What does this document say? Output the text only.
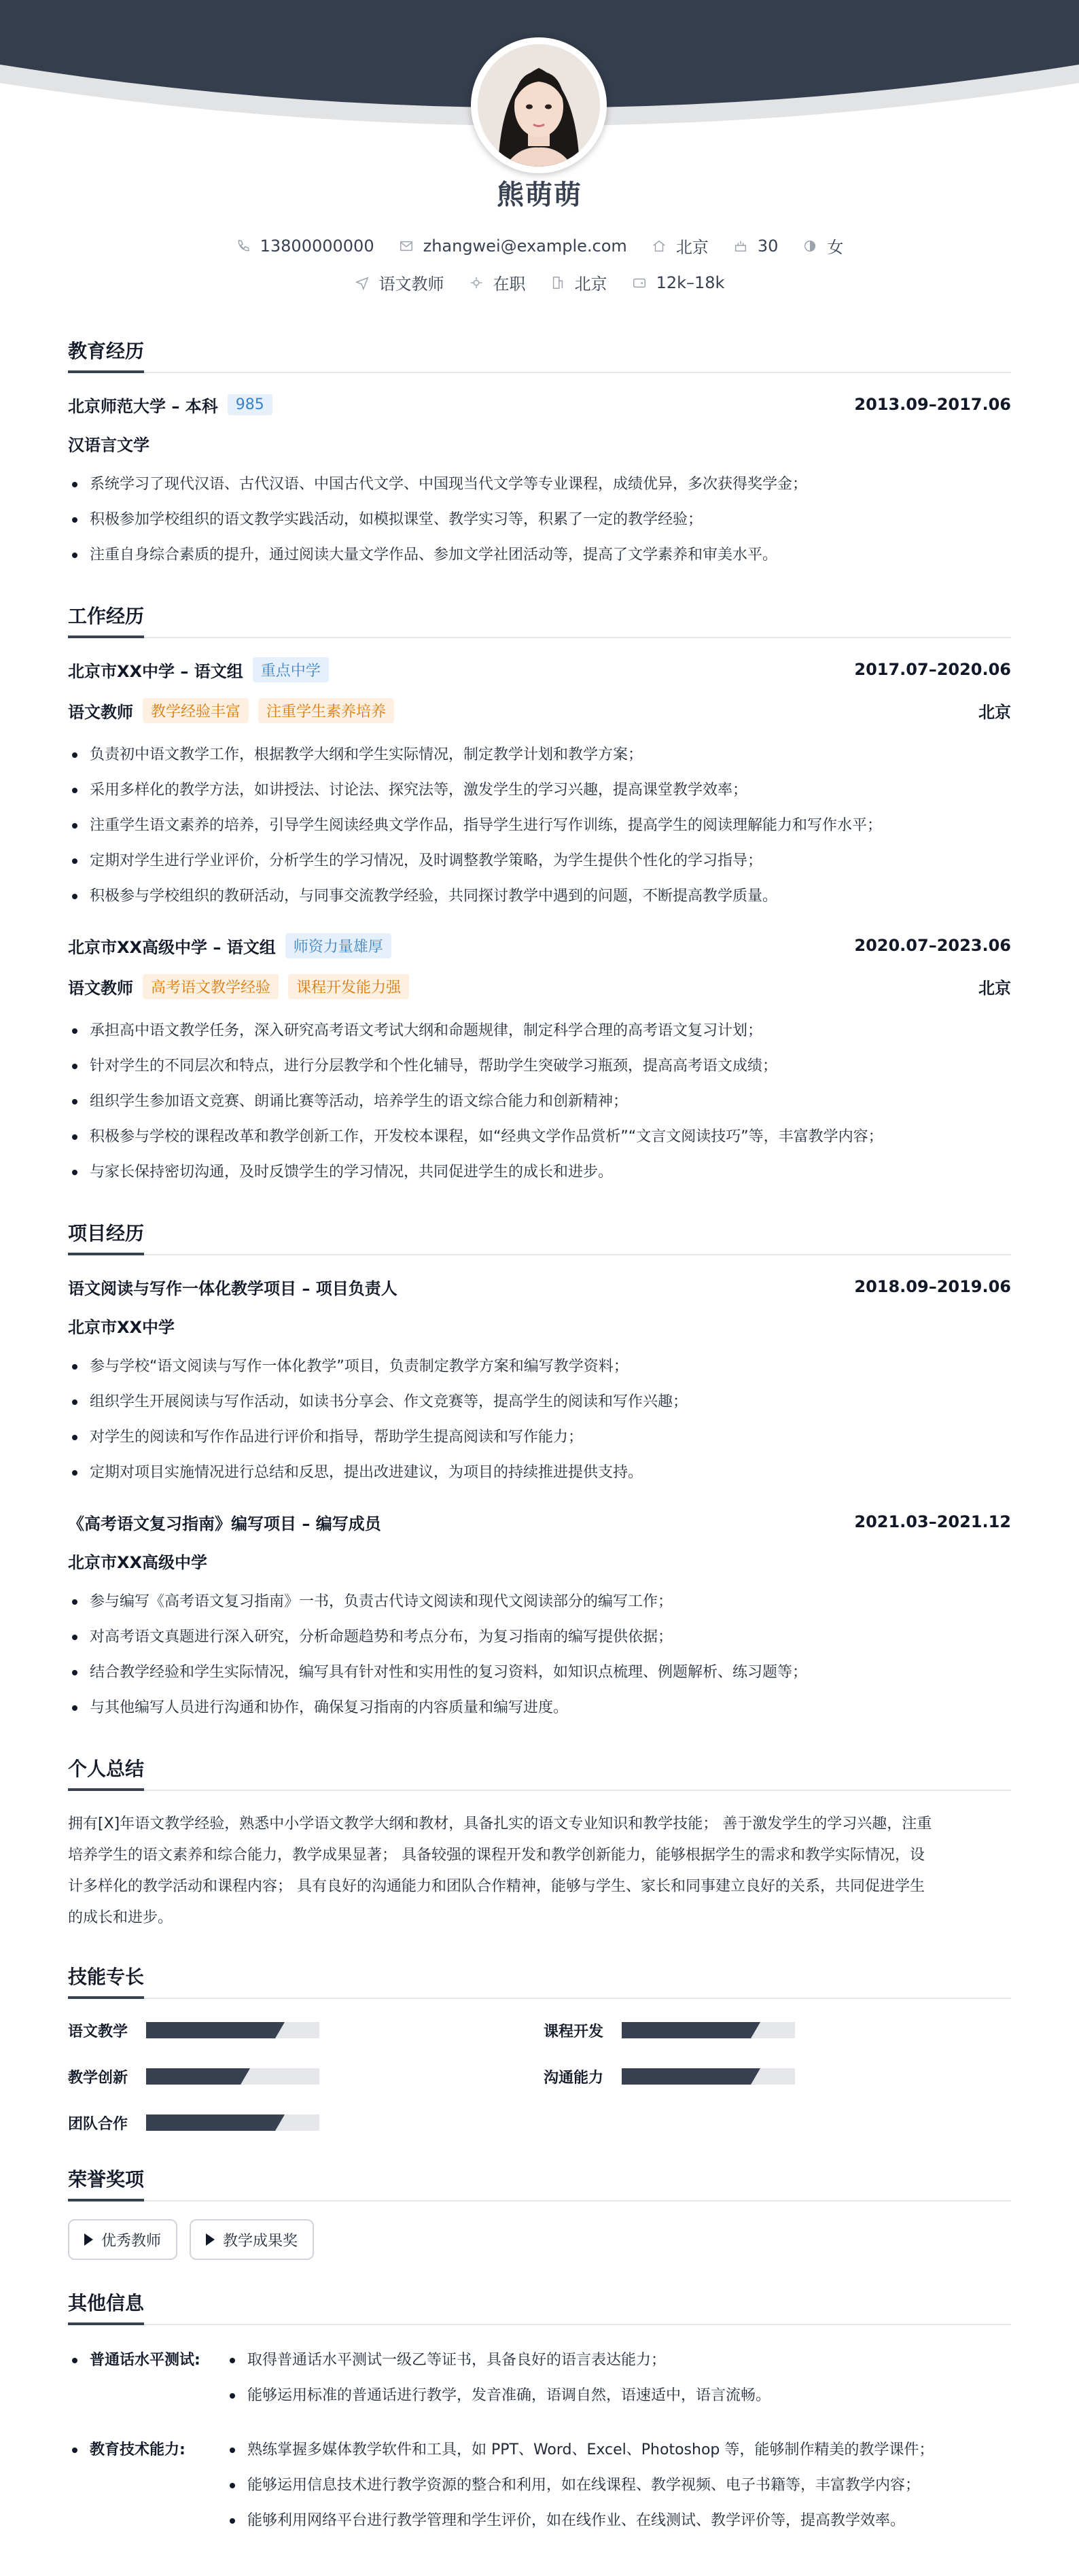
熊萌萌
13800000000	zhangwei@example.com	北京	30	女
语文教师	在职	北京	12k–18k
教育经历
北京师范大学 – 本科	985	2013.09–2017.06
汉语言文学
系统学习了现代汉语、古代汉语、中国古代文学、中国现当代文学等专业课程，成绩优异，多次获得奖学金；
积极参加学校组织的语文教学实践活动，如模拟课堂、教学实习等，积累了一定的教学经验；
注重自身综合素质的提升，通过阅读大量文学作品、参加文学社团活动等，提高了文学素养和审美水平。
工作经历
北京市XX中学 – 语文组	重点中学	2017.07–2020.06
语文教师	教学经验丰富	注重学生素养培养	北京
负责初中语文教学工作，根据教学大纲和学生实际情况，制定教学计划和教学方案；
采用多样化的教学方法，如讲授法、讨论法、探究法等，激发学生的学习兴趣，提高课堂教学效率；
注重学生语文素养的培养，引导学生阅读经典文学作品，指导学生进行写作训练，提高学生的阅读理解能力和写作水平；
定期对学生进行学业评价，分析学生的学习情况，及时调整教学策略，为学生提供个性化的学习指导；
积极参与学校组织的教研活动，与同事交流教学经验，共同探讨教学中遇到的问题，不断提高教学质量。
北京市XX高级中学 – 语文组	师资力量雄厚	2020.07–2023.06
语文教师	高考语文教学经验	课程开发能力强	北京
承担高中语文教学任务，深入研究高考语文考试大纲和命题规律，制定科学合理的高考语文复习计划；
针对学生的不同层次和特点，进行分层教学和个性化辅导，帮助学生突破学习瓶颈，提高高考语文成绩；
组织学生参加语文竞赛、朗诵比赛等活动，培养学生的语文综合能力和创新精神；
积极参与学校的课程改革和教学创新工作，开发校本课程，如“经典文学作品赏析”“文言文阅读技巧”等，丰富教学内容；
与家长保持密切沟通，及时反馈学生的学习情况，共同促进学生的成长和进步。
项目经历
语文阅读与写作一体化教学项目 – 项目负责人	2018.09–2019.06
北京市XX中学
参与学校“语文阅读与写作一体化教学”项目，负责制定教学方案和编写教学资料；
组织学生开展阅读与写作活动，如读书分享会、作文竞赛等，提高学生的阅读和写作兴趣；
对学生的阅读和写作作品进行评价和指导，帮助学生提高阅读和写作能力；
定期对项目实施情况进行总结和反思，提出改进建议，为项目的持续推进提供支持。
《高考语文复习指南》编写项目 – 编写成员	2021.03–2021.12
北京市XX高级中学
参与编写《高考语文复习指南》一书，负责古代诗文阅读和现代文阅读部分的编写工作；
对高考语文真题进行深入研究，分析命题趋势和考点分布，为复习指南的编写提供依据；
结合教学经验和学生实际情况，编写具有针对性和实用性的复习资料，如知识点梳理、例题解析、练习题等；
与其他编写人员进行沟通和协作，确保复习指南的内容质量和编写进度。
个人总结
拥有[X]年语文教学经验，熟悉中小学语文教学大纲和教材，具备扎实的语文专业知识和教学技能； 善于激发学生的学习兴趣，注重
培养学生的语文素养和综合能力，教学成果显著； 具备较强的课程开发和教学创新能力，能够根据学生的需求和教学实际情况，设
计多样化的教学活动和课程内容； 具有良好的沟通能力和团队合作精神，能够与学生、家长和同事建立良好的关系，共同促进学生
的成长和进步。
技能专长
语文教学	课程开发
教学创新	沟通能力
团队合作
荣誉奖项
优秀教师	教学成果奖
其他信息
普通话水平测试:	取得普通话水平测试一级乙等证书，具备良好的语言表达能力；
能够运用标准的普通话进行教学，发音准确，语调自然，语速适中，语言流畅。
教育技术能力:	熟练掌握多媒体教学软件和工具，如 PPT、Word、Excel、Photoshop 等，能够制作精美的教学课件；
能够运用信息技术进行教学资源的整合和利用，如在线课程、教学视频、电子书籍等，丰富教学内容；
能够利用网络平台进行教学管理和学生评价，如在线作业、在线测试、教学评价等，提高教学效率。
